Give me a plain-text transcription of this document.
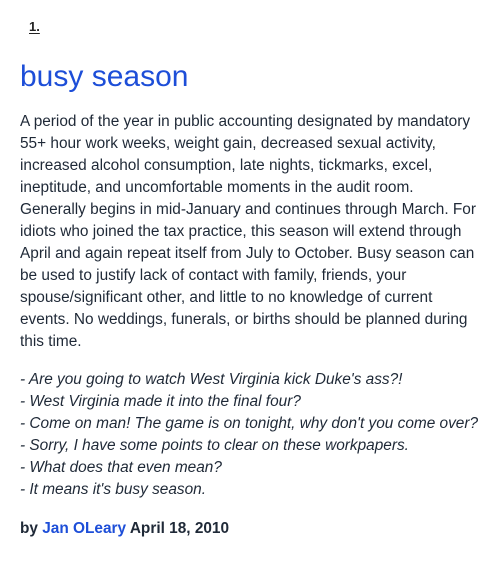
1.
busy season
A period of the year in public accounting designated by mandatory 55+ hour work weeks, weight gain, decreased sexual activity, increased alcohol consumption, late nights, tickmarks, excel, ineptitude, and uncomfortable moments in the audit room. Generally begins in mid-January and continues through March. For idiots who joined the tax practice, this season will extend through April and again repeat itself from July to October. Busy season can be used to justify lack of contact with family, friends, your spouse/significant other, and little to no knowledge of current events. No weddings, funerals, or births should be planned during this time.
- Are you going to watch West Virginia kick Duke's ass?!
- West Virginia made it into the final four?
- Come on man! The game is on tonight, why don't you come over?
- Sorry, I have some points to clear on these workpapers.
- What does that even mean?
- It means it's busy season.
by Jan OLeary April 18, 2010
